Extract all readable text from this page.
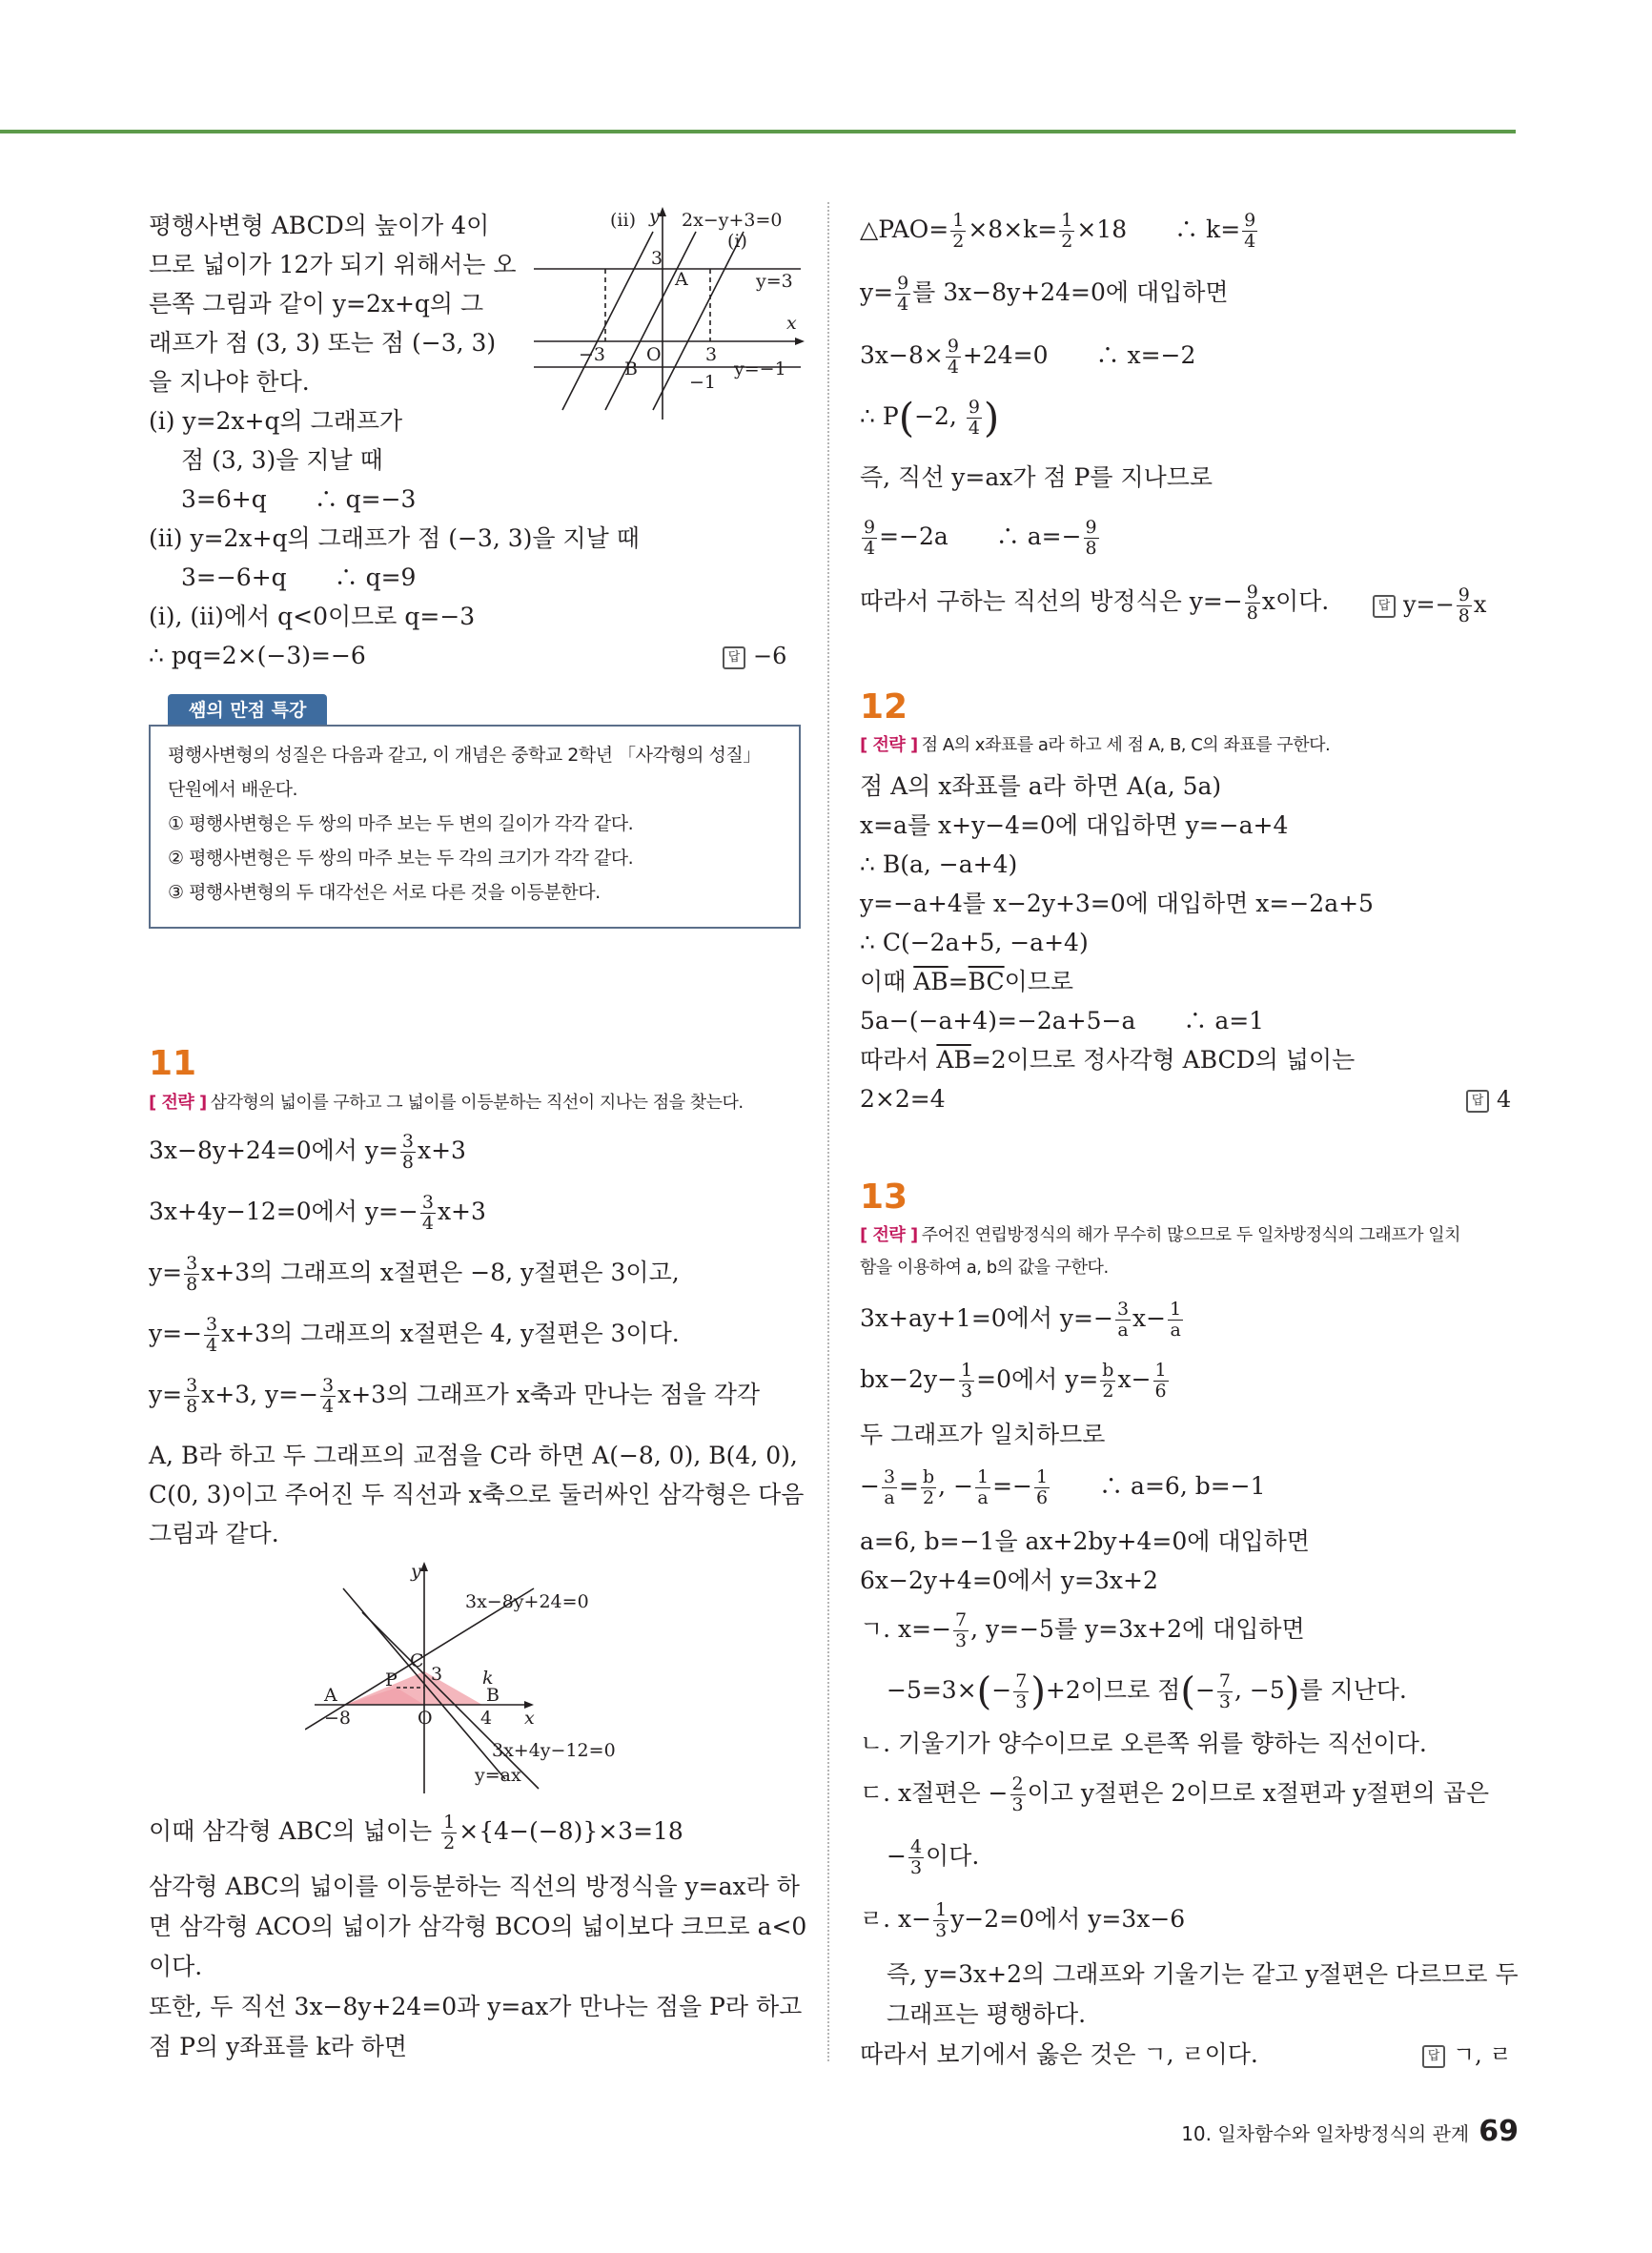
평행사변형 ABCD의 높이가 4이
므로 넓이가 12가 되기 위해서는 오
른쪽 그림과 같이 y=2x+q의 그
래프가 점 (3, 3) 또는 점 (−3, 3)
을 지나야 한다.
(i) y=2x+q의 그래프가
점 (3, 3)을 지날 때
3=6+q　　∴ q=−3
(ii) y=2x+q의 그래프가 점 (−3, 3)을 지날 때
3=−6+q　　∴ q=9
(i), (ii)에서 q<0이므로 q=−3
∴ pq=2×(−3)=−6	답 −6
(ii) y 2x−y+3=0
(i)
3
A	y=3
x
−3 O 3
B
−1
y=−1
쌤의 만점 특강
평행사변형의 성질은 다음과 같고, 이 개념은 중학교 2학년 「사각형의 성질」
단원에서 배운다.
① 평행사변형은 두 쌍의 마주 보는 두 변의 길이가 각각 같다.
② 평행사변형은 두 쌍의 마주 보는 두 각의 크기가 각각 같다.
③ 평행사변형의 두 대각선은 서로 다른 것을 이등분한다.
11
[ 전략 ] 삼각형의 넓이를 구하고 그 넓이를 이등분하는 직선이 지나는 점을 찾는다.
3x−8y+24=0에서 $y= \frac{3}{8} x+3$
3x+4y−12=0에서 $y=- \frac{3}{4} x+3$
$y= \frac{3}{8} x+3$의 그래프의 x절편은 −8, y절편은 3이고,
$y=- \frac{3}{4} x+3$의 그래프의 x절편은 4, y절편은 3이다.
$y= \frac{3}{8} x+3$, $y=- \frac{3}{4} x+3$의 그래프가 x축과 만나는 점을 각각
A, B라 하고 두 그래프의 교점을 C라 하면 A(−8, 0), B(4, 0),
C(0, 3)이고 주어진 두 직선과 x축으로 둘러싸인 삼각형은 다음
그림과 같다.
y
3x−8y+24=0
C
3
P	k
A	B
−8	O	4 x
3x+4y−12=0
y=ax
이때 삼각형 ABC의 넓이는 $\frac{1}{2} \times\{4-(-8)\}\times 3=18$
삼각형 ABC의 넓이를 이등분하는 직선의 방정식을 y=ax라 하
면 삼각형 ACO의 넓이가 삼각형 BCO의 넓이보다 크므로 a<0
이다.
또한, 두 직선 3x−8y+24=0과 y=ax가 만나는 점을 P라 하고
점 P의 y좌표를 k라 하면
△PAO= $\frac{1}{2} \times 8\times k= \frac{1}{2} \times 18$　　∴ $k= \frac{9}{4}$
$y= \frac{9}{4}$ 를 3x−8y+24=0에 대입하면
$3x-8\times \frac{9}{4} +24=0$　　∴ x=−2
∴ P(−2, $\frac{9}{4}$ )
즉, 직선 y=ax가 점 P를 지나므로
$\frac{9}{4} =-2a$　　∴ $a=- \frac{9}{8}$
따라서 구하는 직선의 방정식은 $y=- \frac{9}{8}$ x이다.	답 $y=- \frac{9}{8}$ x
12
[ 전략 ] 점 A의 x좌표를 a라 하고 세 점 A, B, C의 좌표를 구한다.
점 A의 x좌표를 a라 하면 A(a, 5a)
x=a를 x+y−4=0에 대입하면 y=−a+4
∴ B(a, −a+4)
y=−a+4를 x−2y+3=0에 대입하면 x=−2a+5
∴ C(−2a+5, −a+4)
이때 $\overline{AB}=\overline{BC}$이므로
5a−(−a+4)=−2a+5−a　　∴ a=1
따라서 $\overline{AB}=2$이므로 정사각형 ABCD의 넓이는
2×2=4	답 4
13
[ 전략 ] 주어진 연립방정식의 해가 무수히 많으므로 두 일차방정식의 그래프가 일치
함을 이용하여 a, b의 값을 구한다.
3x+ay+1=0에서 $y=- \frac{3}{a} x- \frac{1}{a}$
$bx-2y- \frac{1}{3} =0$에서 $y= \frac{b}{2} x- \frac{1}{6}$
두 그래프가 일치하므로
− $\frac{3}{a} = \frac{b}{2}$ , − $\frac{1}{a} =- \frac{1}{6}$ 　　∴ a=6, b=−1
a=6, b=−1을 ax+2by+4=0에 대입하면
6x−2y+4=0에서 y=3x+2
ㄱ. $x=- \frac{7}{3}$ , y=−5를 y=3x+2에 대입하면
$-5=3\times(- \frac{7}{3} )+2$이므로 점(− $\frac{7}{3}$ , −5)를 지난다.
ㄴ. 기울기가 양수이므로 오른쪽 위를 향하는 직선이다.
ㄷ. x절편은 − $\frac{2}{3}$ 이고 y절편은 2이므로 x절편과 y절편의 곱은
− $\frac{4}{3}$ 이다.
ㄹ. $x- \frac{1}{3} y-2=0$에서 y=3x−6
즉, y=3x+2의 그래프와 기울기는 같고 y절편은 다르므로 두
그래프는 평행하다.
따라서 보기에서 옳은 것은 ㄱ, ㄹ이다.	답 ㄱ, ㄹ
10. 일차함수와 일차방정식의 관계 69
